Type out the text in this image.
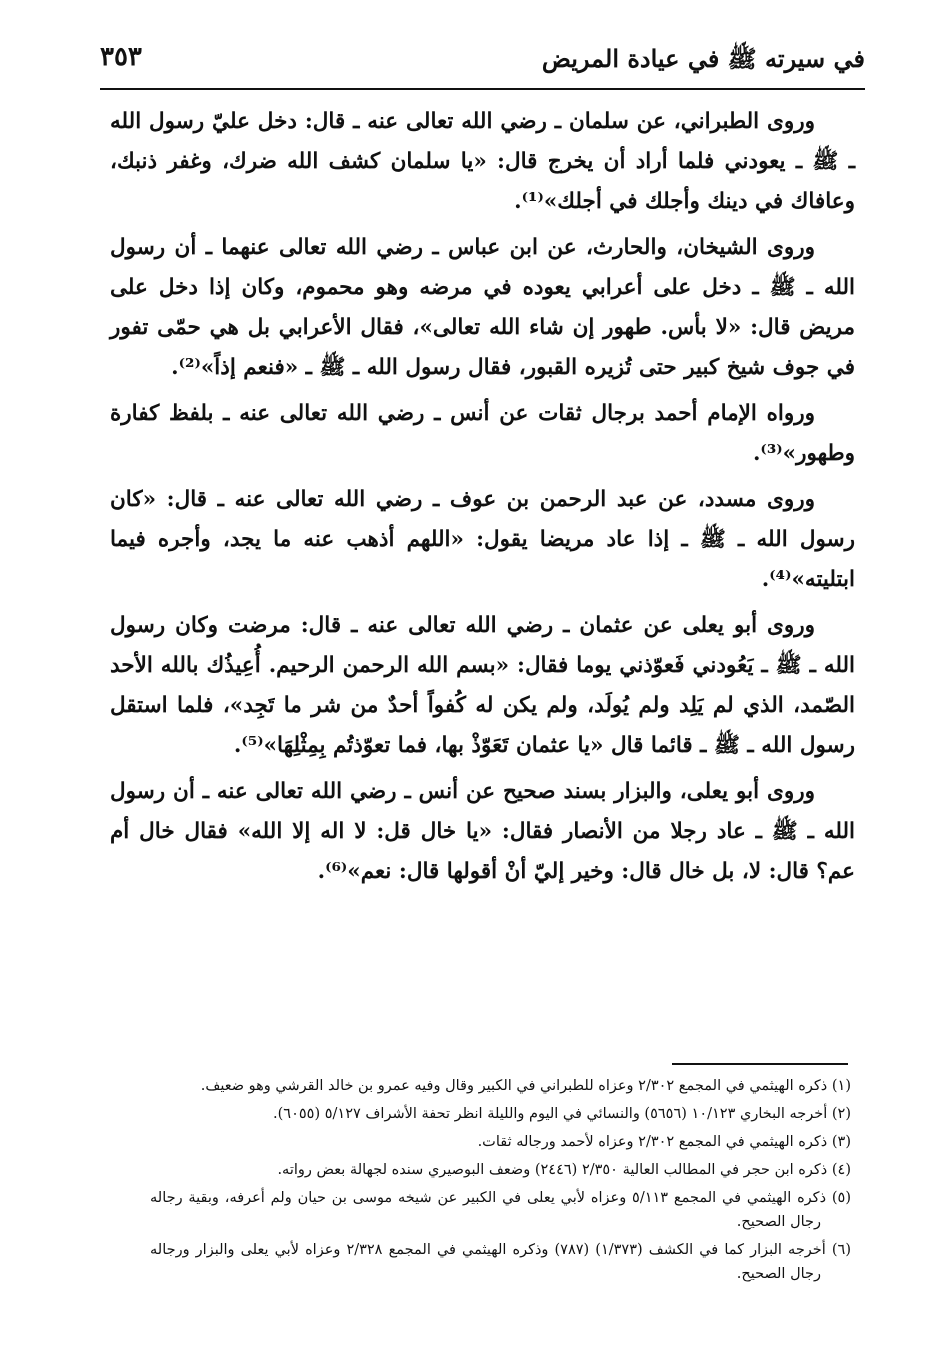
في سيرته ﷺ في عيادة المريض
٣٥٣

وروى الطبراني، عن سلمان ـ رضي الله تعالى عنه ـ قال: دخل عليّ رسول الله ـ ﷺ ـ يعودني فلما أراد أن يخرج قال: «يا سلمان كشف الله ضرك، وغفر ذنبك، وعافاك في دينك وأجلك في أجلك»⁽¹⁾.

وروى الشيخان، والحارث، عن ابن عباس ـ رضي الله تعالى عنهما ـ أن رسول الله ـ ﷺ ـ دخل على أعرابي يعوده في مرضه وهو محموم، وكان إذا دخل على مريض قال: «لا بأس. طهور إن شاء الله تعالى»، فقال الأعرابي بل هي حمّى تفور في جوف شيخ كبير حتى تُزيره القبور، فقال رسول الله ـ ﷺ ـ «فنعم إذاً»⁽²⁾.

ورواه الإمام أحمد برجال ثقات عن أنس ـ رضي الله تعالى عنه ـ بلفظ كفارة وطهور»⁽³⁾.

وروى مسدد، عن عبد الرحمن بن عوف ـ رضي الله تعالى عنه ـ قال: «كان رسول الله ـ ﷺ ـ إذا عاد مريضا يقول: «اللهم أذهب عنه ما يجد، وأجره فيما ابتليته»⁽⁴⁾.

وروى أبو يعلى عن عثمان ـ رضي الله تعالى عنه ـ قال: مرضت وكان رسول الله ـ ﷺ ـ يَعُودني فَعوّذني يوما فقال: «بسم الله الرحمن الرحيم. أُعِيذُك بالله الأحد الصّمد، الذي لم يَلِد ولم يُولَد، ولم يكن له كُفواً أحدٌ من شر ما تَجِد»، فلما استقل رسول الله ـ ﷺ ـ قائما قال «يا عثمان تَعَوّذْ بها، فما تعوّذتُم بِمِثْلِهَا»⁽⁵⁾.

وروى أبو يعلى، والبزار بسند صحيح عن أنس ـ رضي الله تعالى عنه ـ أن رسول الله ـ ﷺ ـ عاد رجلا من الأنصار فقال: «يا خال قل: لا اله إلا الله» فقال خال أم عم؟ قال: لا، بل خال قال: وخير إليّ أنْ أقولها قال: نعم»⁽⁶⁾.

(١) ذكره الهيثمي في المجمع ٢/٣٠٢ وعزاه للطبراني في الكبير وقال وفيه عمرو بن خالد القرشي وهو ضعيف.

(٢) أخرجه البخاري ١٠/١٢٣ (٥٦٥٦) والنسائي في اليوم والليلة انظر تحفة الأشراف ٥/١٢٧ (٦٠٥٥).

(٣) ذكره الهيثمي في المجمع ٢/٣٠٢ وعزاه لأحمد ورجاله ثقات.

(٤) ذكره ابن حجر في المطالب العالية ٢/٣٥٠ (٢٤٤٦) وضعف البوصيري سنده لجهالة بعض رواته.

(٥) ذكره الهيثمي في المجمع ٥/١١٣ وعزاه لأبي يعلى في الكبير عن شيخه موسى بن حيان ولم أعرفه، وبقية رجاله رجال الصحيح.

(٦) أخرجه البزار كما في الكشف (١/٣٧٣) (٧٨٧) وذكره الهيثمي في المجمع ٢/٣٢٨ وعزاه لأبي يعلى والبزار ورجاله رجال الصحيح.
